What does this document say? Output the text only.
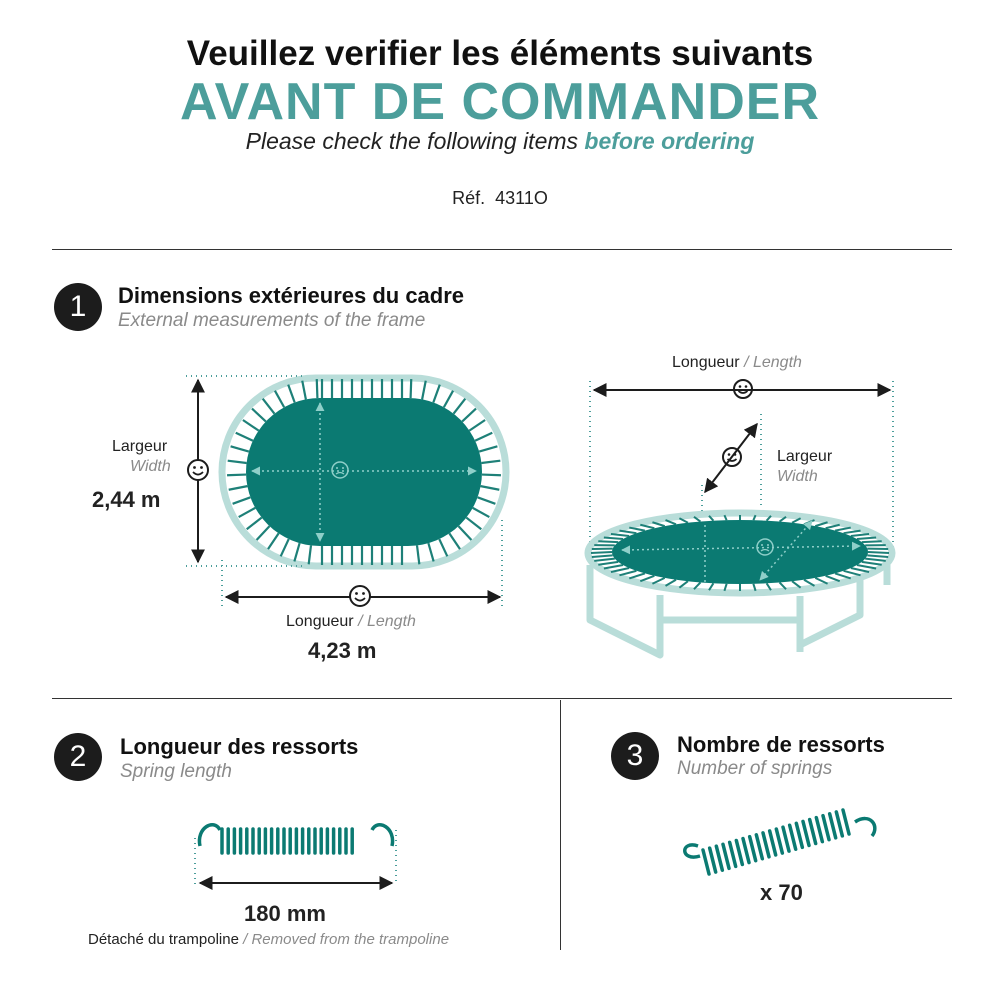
Veuillez verifier les éléments suivants
AVANT DE COMMANDER
Please check the following items before ordering
Réf. 4311O
1	Dimensions extérieures du cadre
External measurements of the frame
Largeur
Width
2,44 m
Longueur / Length
4,23 m
Longueur / Length
Largeur
Width
2	Longueur des ressorts
Spring length
180 mm
Détaché du trampoline / Removed from the trampoline
3	Nombre de ressorts
Number of springs
x 70
